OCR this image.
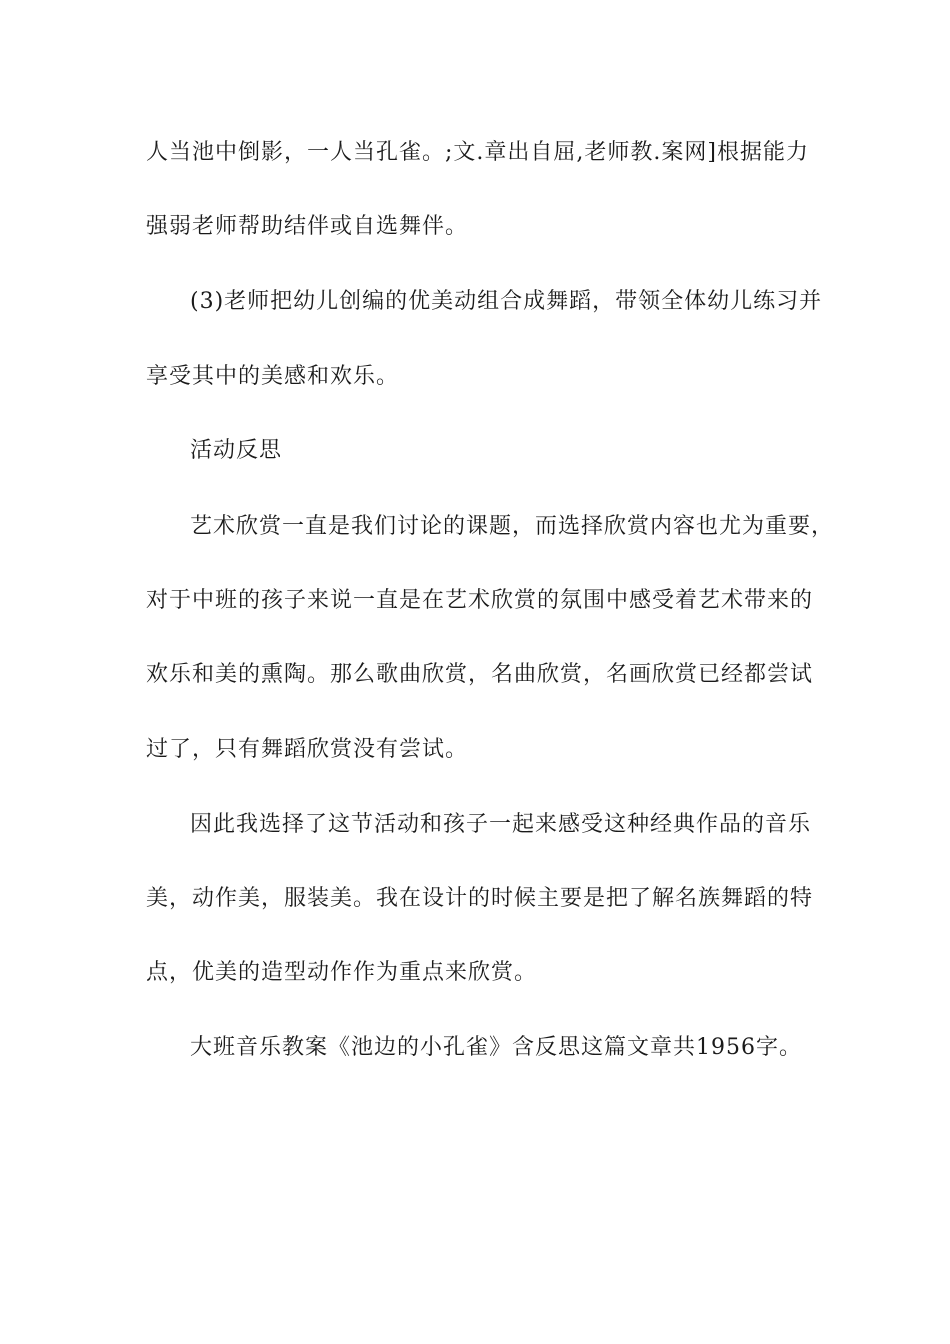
人当池中倒影，一人当孔雀。;文.章出自屈,老师教.案网]根据能力
强弱老师帮助结伴或自选舞伴。
(3)老师把幼儿创编的优美动组合成舞蹈，带领全体幼儿练习并
享受其中的美感和欢乐。
活动反思
艺术欣赏一直是我们讨论的课题，而选择欣赏内容也尤为重要，
对于中班的孩子来说一直是在艺术欣赏的氛围中感受着艺术带来的
欢乐和美的熏陶。那么歌曲欣赏，名曲欣赏，名画欣赏已经都尝试
过了，只有舞蹈欣赏没有尝试。
因此我选择了这节活动和孩子一起来感受这种经典作品的音乐
美，动作美，服装美。我在设计的时候主要是把了解名族舞蹈的特
点，优美的造型动作作为重点来欣赏。
大班音乐教案《池边的小孔雀》含反思这篇文章共1956字。
